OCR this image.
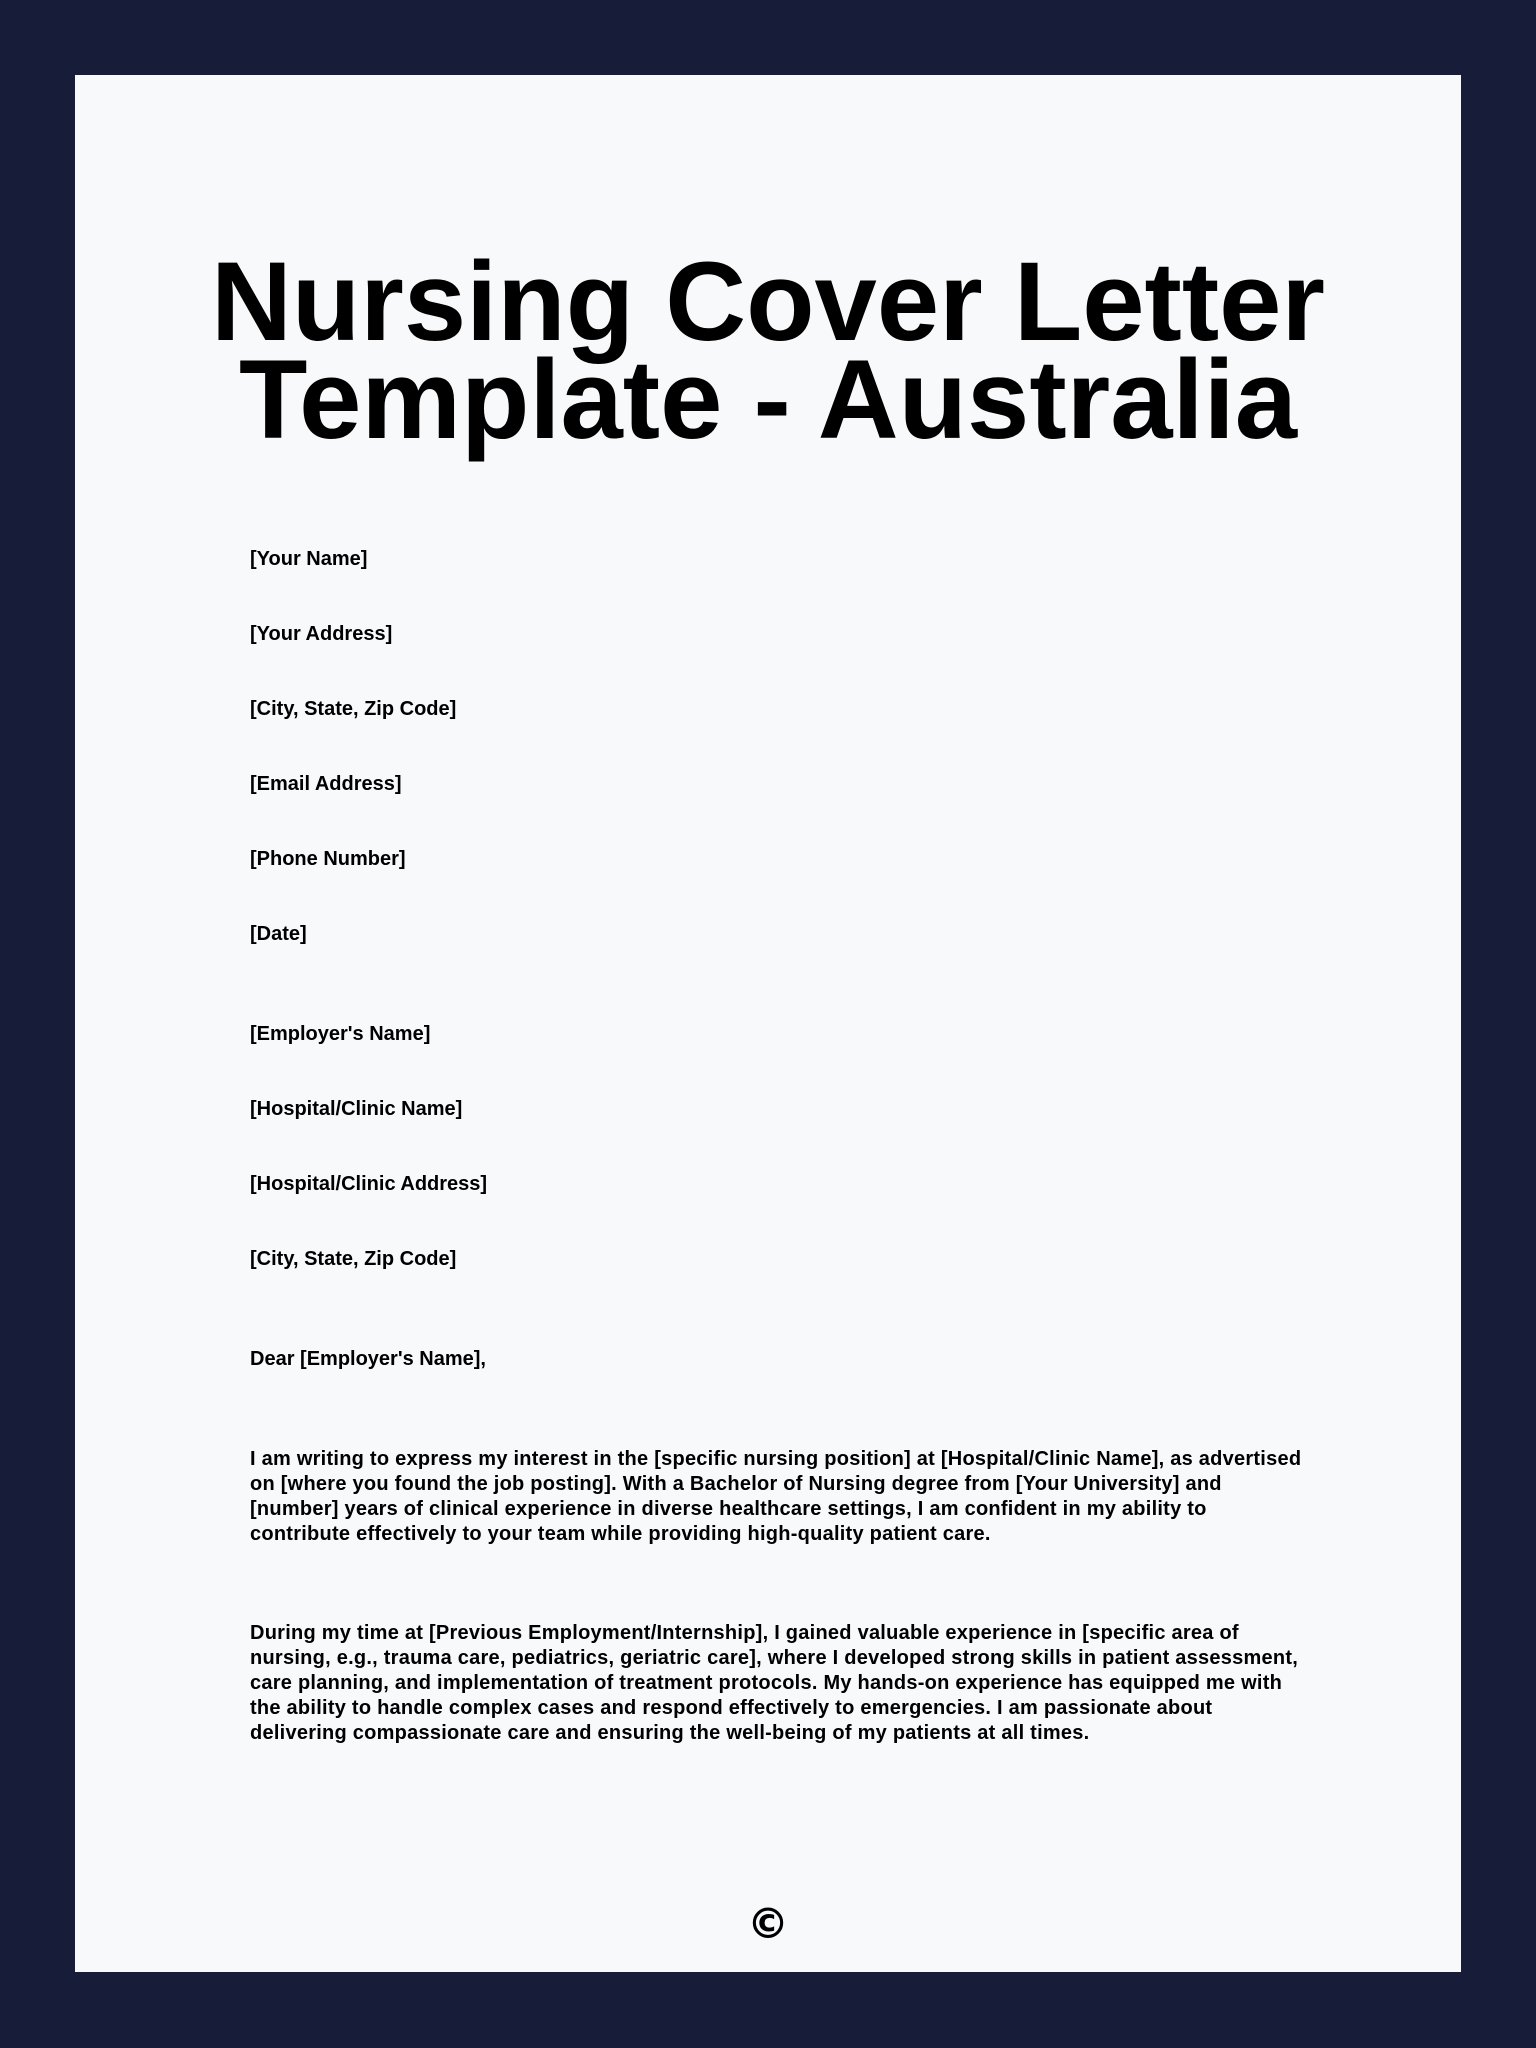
Nursing Cover Letter Template - Australia

[Your Name]

[Your Address]

[City, State, Zip Code]

[Email Address]

[Phone Number]

[Date]

[Employer's Name]

[Hospital/Clinic Name]

[Hospital/Clinic Address]

[City, State, Zip Code]

Dear [Employer's Name],

I am writing to express my interest in the [specific nursing position] at [Hospital/Clinic Name], as advertised on [where you found the job posting]. With a Bachelor of Nursing degree from [Your University] and [number] years of clinical experience in diverse healthcare settings, I am confident in my ability to contribute effectively to your team while providing high-quality patient care.

During my time at [Previous Employment/Internship], I gained valuable experience in [specific area of nursing, e.g., trauma care, pediatrics, geriatric care], where I developed strong skills in patient assessment, care planning, and implementation of treatment protocols. My hands-on experience has equipped me with the ability to handle complex cases and respond effectively to emergencies. I am passionate about delivering compassionate care and ensuring the well-being of my patients at all times.

©
